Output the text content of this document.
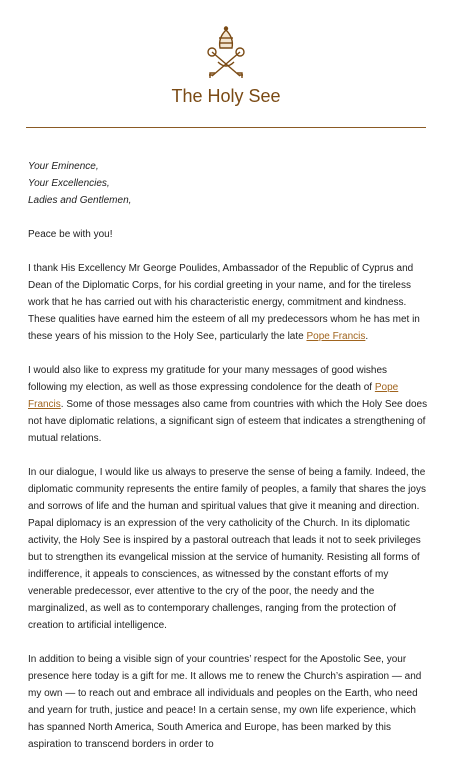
The Holy See
Your Eminence,
Your Excellencies,
Ladies and Gentlemen,

Peace be with you!

I thank His Excellency Mr George Poulides, Ambassador of the Republic of Cyprus and Dean of the Diplomatic Corps, for his cordial greeting in your name, and for the tireless work that he has carried out with his characteristic energy, commitment and kindness. These qualities have earned him the esteem of all my predecessors whom he has met in these years of his mission to the Holy See, particularly the late Pope Francis.

I would also like to express my gratitude for your many messages of good wishes following my election, as well as those expressing condolence for the death of Pope Francis. Some of those messages also came from countries with which the Holy See does not have diplomatic relations, a significant sign of esteem that indicates a strengthening of mutual relations.

In our dialogue, I would like us always to preserve the sense of being a family. Indeed, the diplomatic community represents the entire family of peoples, a family that shares the joys and sorrows of life and the human and spiritual values that give it meaning and direction. Papal diplomacy is an expression of the very catholicity of the Church. In its diplomatic activity, the Holy See is inspired by a pastoral outreach that leads it not to seek privileges but to strengthen its evangelical mission at the service of humanity. Resisting all forms of indifference, it appeals to consciences, as witnessed by the constant efforts of my venerable predecessor, ever attentive to the cry of the poor, the needy and the marginalized, as well as to contemporary challenges, ranging from the protection of creation to artificial intelligence.

In addition to being a visible sign of your countries’ respect for the Apostolic See, your presence here today is a gift for me. It allows me to renew the Church’s aspiration — and my own — to reach out and embrace all individuals and peoples on the Earth, who need and yearn for truth, justice and peace! In a certain sense, my own life experience, which has spanned North America, South America and Europe, has been marked by this aspiration to transcend borders in order to
